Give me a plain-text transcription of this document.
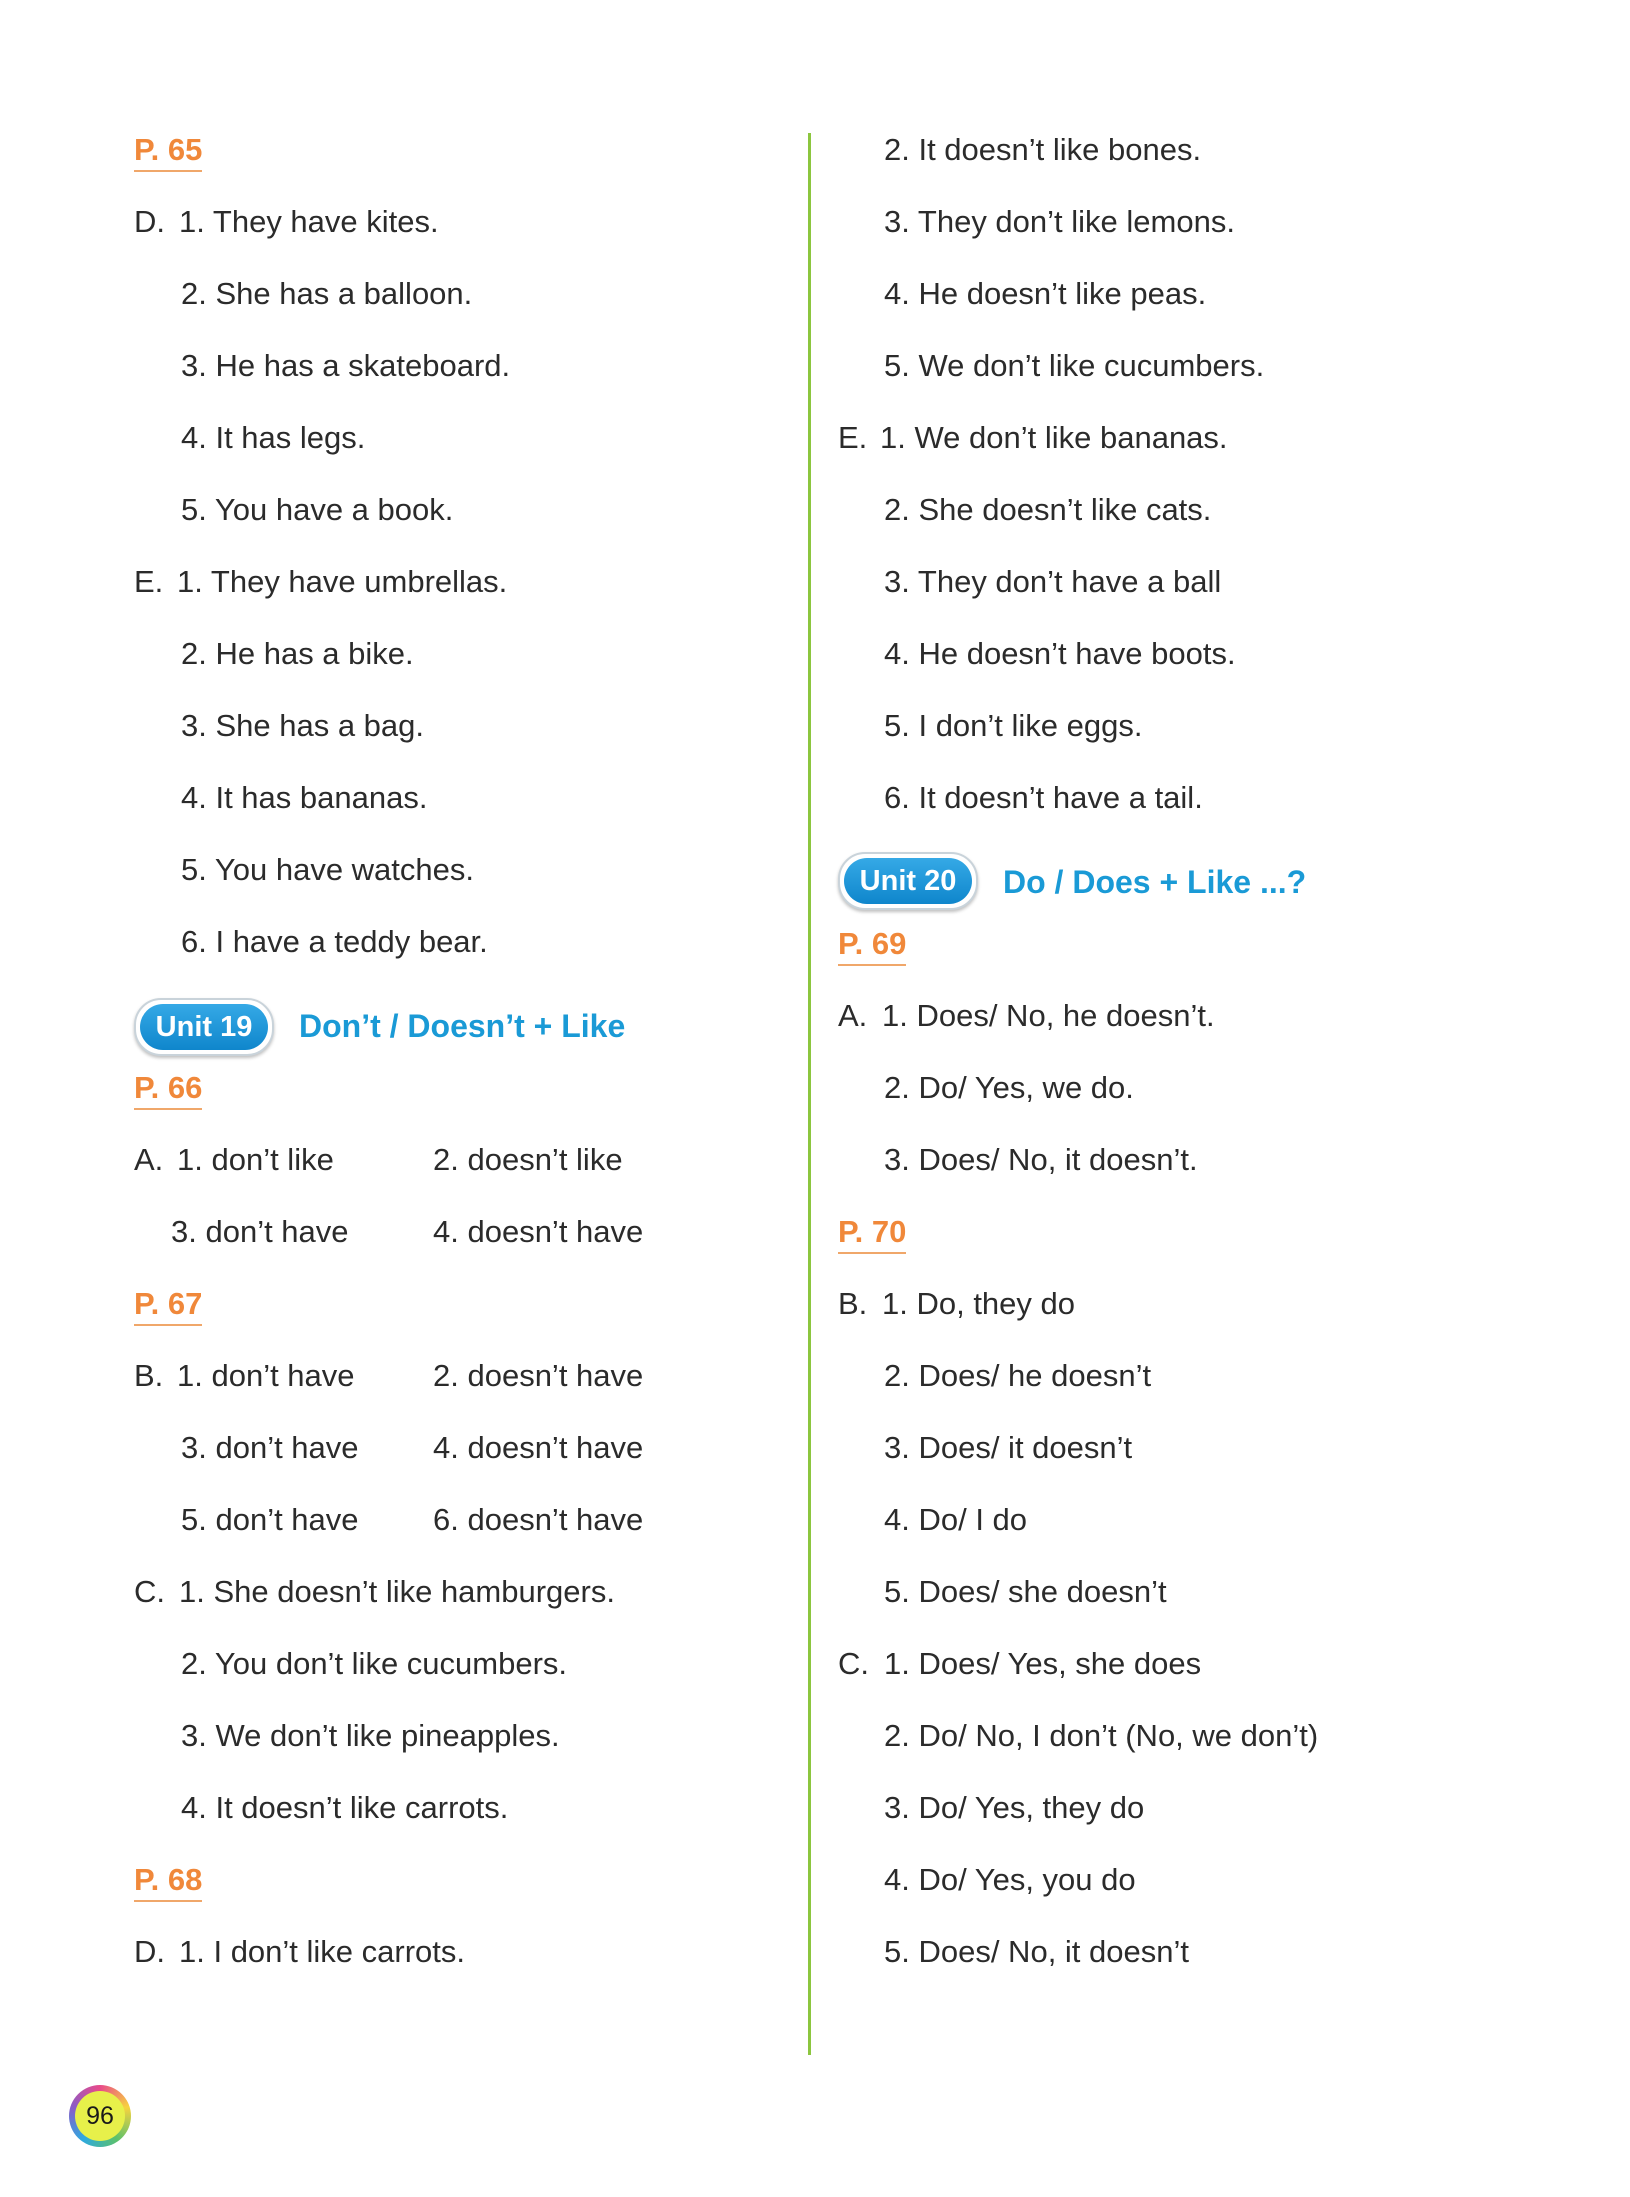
P. 65
D. 1. They have kites.
2. She has a balloon.
3. He has a skateboard.
4. It has legs.
5. You have a book.
E. 1. They have umbrellas.
2. He has a bike.
3. She has a bag.
4. It has bananas.
5. You have watches.
6. I have a teddy bear.
Unit 19	Don’t / Doesn’t + Like
P. 66
A. 1. don’t like	2. doesn’t like
3. don’t have	4. doesn’t have
P. 67
B. 1. don’t have	2. doesn’t have
3. don’t have 4. doesn’t have
5. don’t have 6. doesn’t have
C. 1. She doesn’t like hamburgers.
2. You don’t like cucumbers.
3. We don’t like pineapples.
4. It doesn’t like carrots.
P. 68
D. 1. I don’t like carrots.
2. It doesn’t like bones.
3. They don’t like lemons.
4. He doesn’t like peas.
5. We don’t like cucumbers.
E. 1. We don’t like bananas.
2. She doesn’t like cats.
3. They don’t have a ball
4. He doesn’t have boots.
5. I don’t like eggs.
6. It doesn’t have a tail.
Unit 20	Do / Does + Like ...?
P. 69
A. 1. Does/ No, he doesn’t.
2. Do/ Yes, we do.
3. Does/ No, it doesn’t.
P. 70
B. 1. Do, they do
2. Does/ he doesn’t
3. Does/ it doesn’t
4. Do/ I do
5. Does/ she doesn’t
C. 1. Does/ Yes, she does
2. Do/ No, I don’t (No, we don’t)
3. Do/ Yes, they do
4. Do/ Yes, you do
5. Does/ No, it doesn’t
96
